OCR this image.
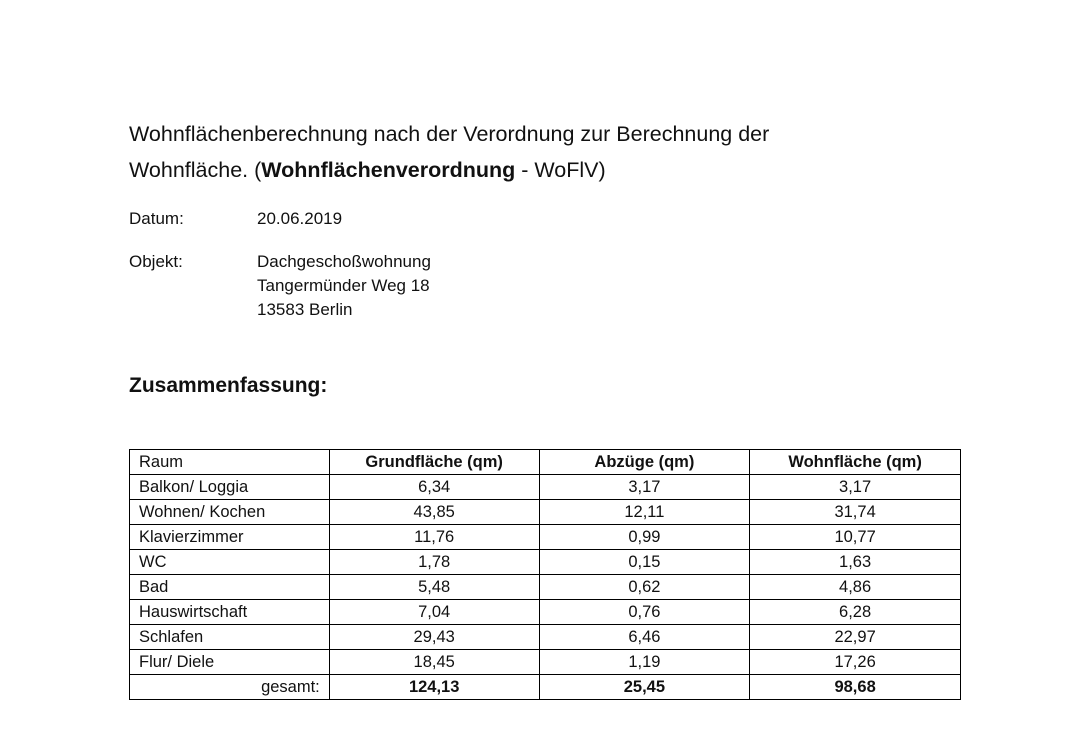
Wohnflächenberechnung nach der Verordnung zur Berechnung der
Wohnfläche. (Wohnflächenverordnung - WoFlV)
Datum:	20.06.2019
Objekt:	Dachgeschoßwohnung
Tangermünder Weg 18
13583 Berlin
Zusammenfassung:
Raum	Grundfläche (qm)	Abzüge (qm)	Wohnfläche (qm)
Balkon/ Loggia	6,34	3,17	3,17
Wohnen/ Kochen	43,85	12,11	31,74
Klavierzimmer	11,76	0,99	10,77
WC	1,78	0,15	1,63
Bad	5,48	0,62	4,86
Hauswirtschaft	7,04	0,76	6,28
Schlafen	29,43	6,46	22,97
Flur/ Diele	18,45	1,19	17,26
gesamt:	124,13	25,45	98,68
